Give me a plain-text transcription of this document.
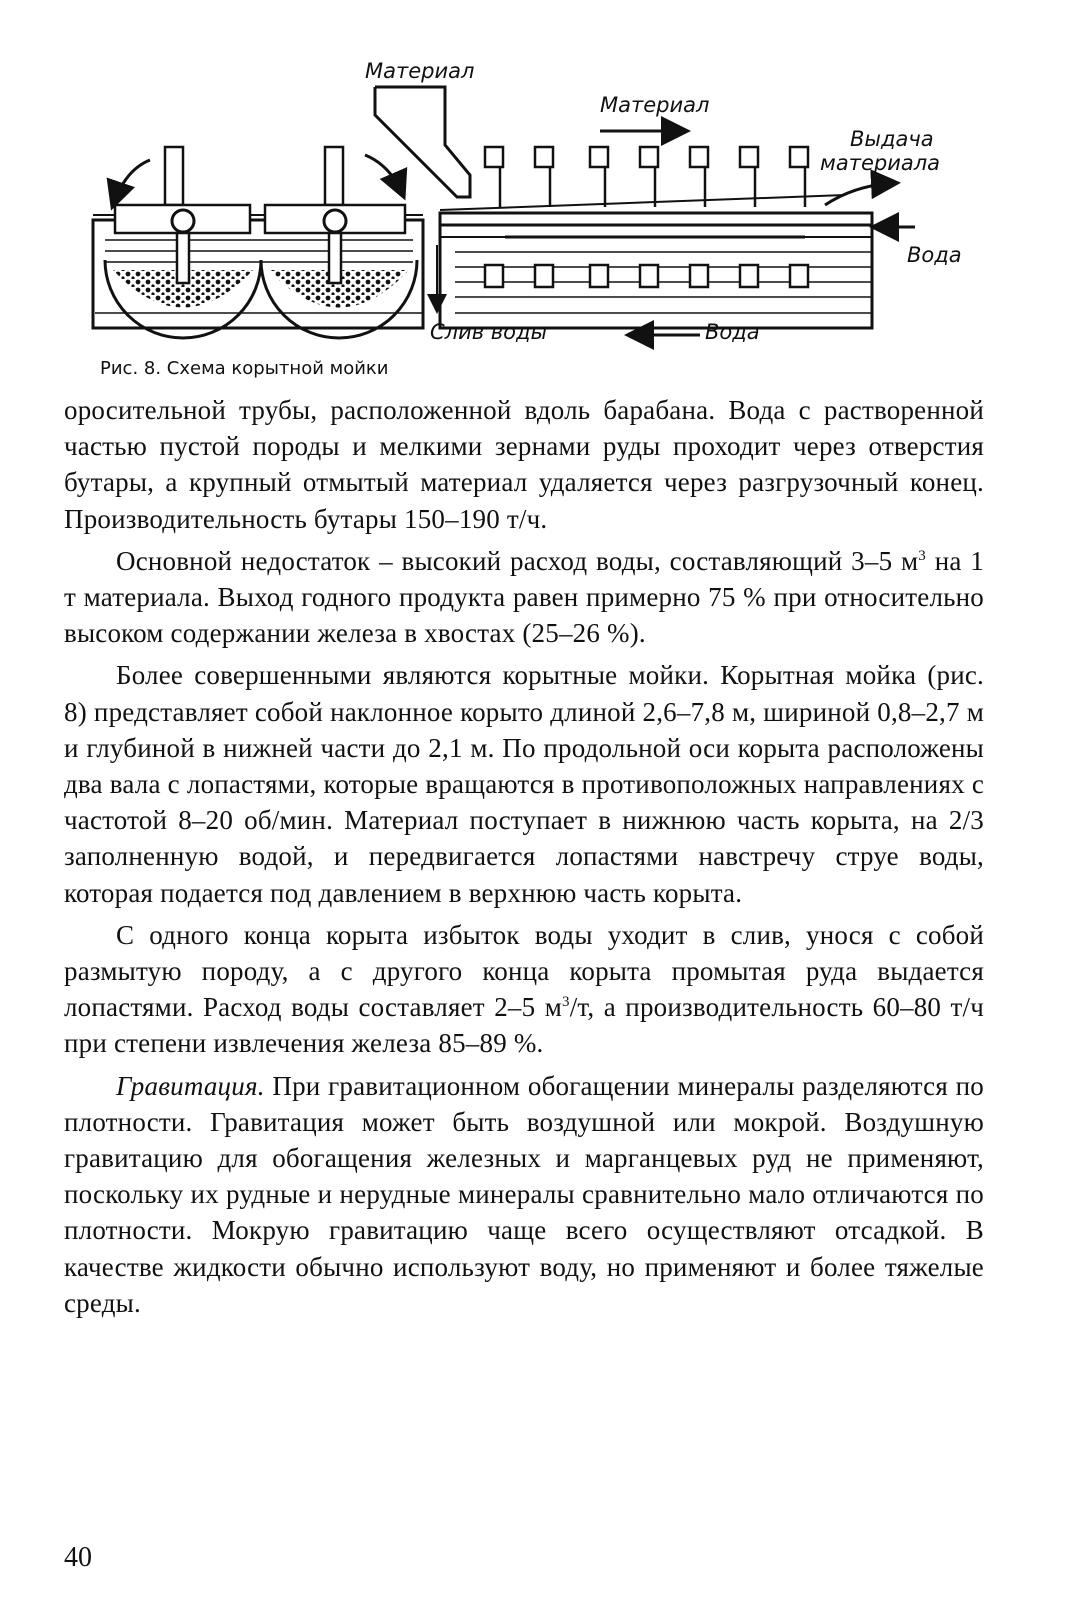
Материал
Материал
Выдача
материала
Вода
Слив воды	Вода
Рис. 8. Схема корытной мойки

оросительной трубы, расположенной вдоль барабана. Вода с растворенной частью пустой породы и мелкими зернами руды проходит через отверстия бутары, а крупный отмытый материал удаляется через разгрузочный конец. Производительность бутары 150–190 т/ч.

Основной недостаток – высокий расход воды, составляющий 3–5 $м^3$ на 1 т материала. Выход годного продукта равен примерно 75 % при относительно высоком содержании железа в хвостах (25–26 %).

Более совершенными являются корытные мойки. Корытная мойка (рис. 8) представляет собой наклонное корыто длиной 2,6–7,8 м, шириной 0,8–2,7 м и глубиной в нижней части до 2,1 м. По продольной оси корыта расположены два вала с лопастями, которые вращаются в противоположных направлениях с частотой 8–20 об/мин. Материал поступает в нижнюю часть корыта, на 2/3 заполненную водой, и передвигается лопастями навстречу струе воды, которая подается под давлением в верхнюю часть корыта.

С одного конца корыта избыток воды уходит в слив, унося с собой размытую породу, а с другого конца корыта промытая руда выдается лопастями. Расход воды составляет 2–5 $м^3/т$, а производительность 60–80 т/ч при степени извлечения железа 85–89 %.

Гравитация. При гравитационном обогащении минералы разделяются по плотности. Гравитация может быть воздушной или мокрой. Воздушную гравитацию для обогащения железных и марганцевых руд не применяют, поскольку их рудные и нерудные минералы сравнительно мало отличаются по плотности. Мокрую гравитацию чаще всего осуществляют отсадкой. В качестве жидкости обычно используют воду, но применяют и более тяжелые среды.

40
